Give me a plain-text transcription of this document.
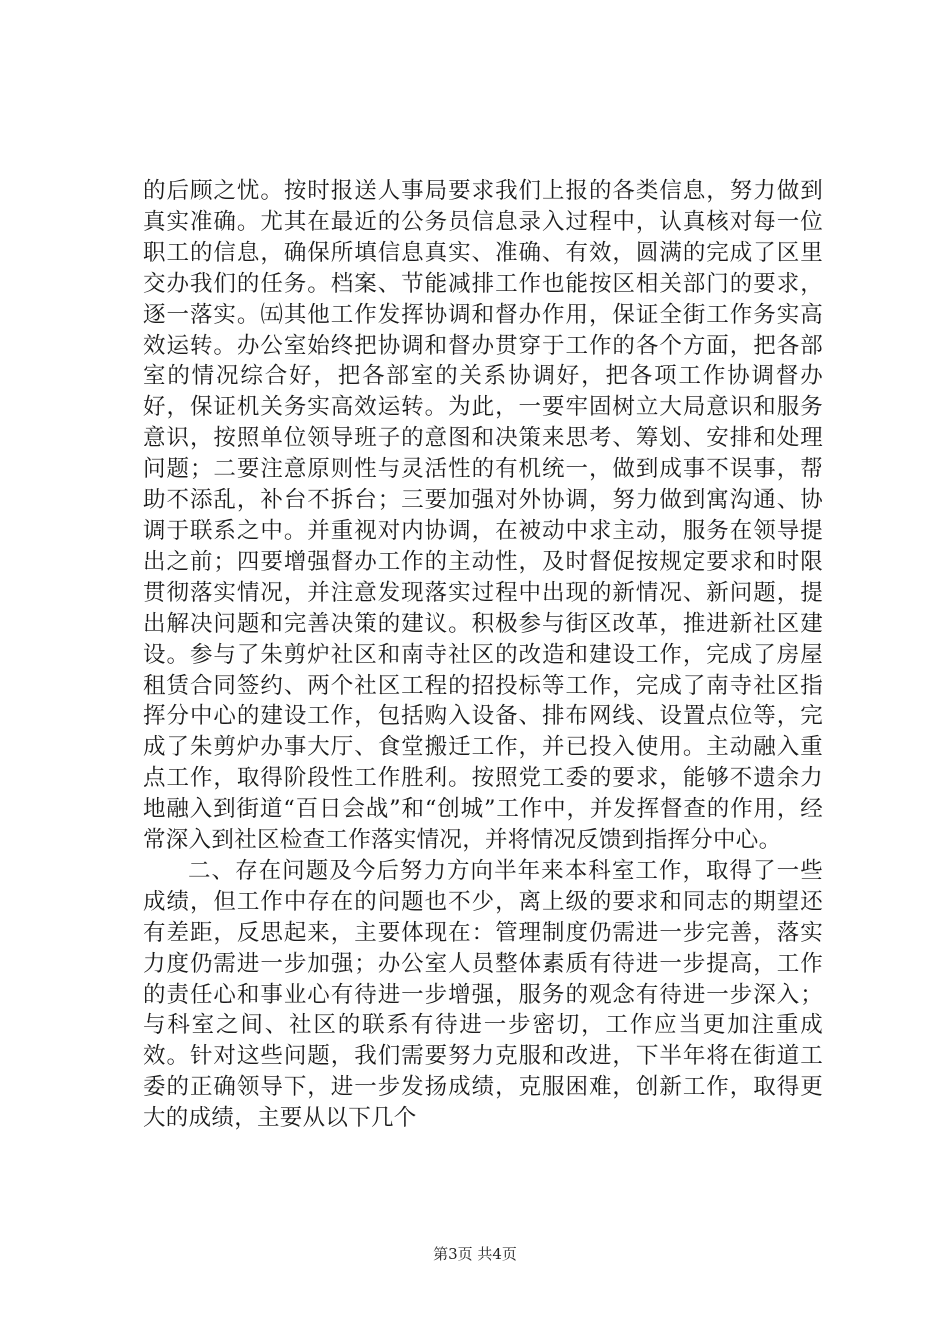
的后顾之忧。按时报送人事局要求我们上报的各类信息，努力做到真实准确。尤其在最近的公务员信息录入过程中，认真核对每一位职工的信息，确保所填信息真实、准确、有效，圆满的完成了区里交办我们的任务。档案、节能减排工作也能按区相关部门的要求，逐一落实。㈤其他工作发挥协调和督办作用，保证全街工作务实高效运转。办公室始终把协调和督办贯穿于工作的各个方面，把各部室的情况综合好，把各部室的关系协调好，把各项工作协调督办好，保证机关务实高效运转。为此，一要牢固树立大局意识和服务意识，按照单位领导班子的意图和决策来思考、筹划、安排和处理问题；二要注意原则性与灵活性的有机统一，做到成事不误事，帮助不添乱，补台不拆台；三要加强对外协调，努力做到寓沟通、协调于联系之中。并重视对内协调，在被动中求主动，服务在领导提出之前；四要增强督办工作的主动性，及时督促按规定要求和时限贯彻落实情况，并注意发现落实过程中出现的新情况、新问题，提出解决问题和完善决策的建议。积极参与街区改革，推进新社区建设。参与了朱剪炉社区和南寺社区的改造和建设工作，完成了房屋租赁合同签约、两个社区工程的招投标等工作，完成了南寺社区指挥分中心的建设工作，包括购入设备、排布网线、设置点位等，完成了朱剪炉办事大厅、食堂搬迁工作，并已投入使用。主动融入重点工作，取得阶段性工作胜利。按照党工委的要求，能够不遗余力地融入到街道“百日会战”和“创城”工作中，并发挥督查的作用，经常深入到社区检查工作落实情况，并将情况反馈到指挥分中心。

二、存在问题及今后努力方向半年来本科室工作，取得了一些成绩，但工作中存在的问题也不少，离上级的要求和同志的期望还有差距，反思起来，主要体现在：管理制度仍需进一步完善，落实力度仍需进一步加强；办公室人员整体素质有待进一步提高，工作的责任心和事业心有待进一步增强，服务的观念有待进一步深入；与科室之间、社区的联系有待进一步密切，工作应当更加注重成效。针对这些问题，我们需要努力克服和改进，下半年将在街道工委的正确领导下，进一步发扬成绩，克服困难，创新工作，取得更大的成绩，主要从以下几个

第3页 共4页
